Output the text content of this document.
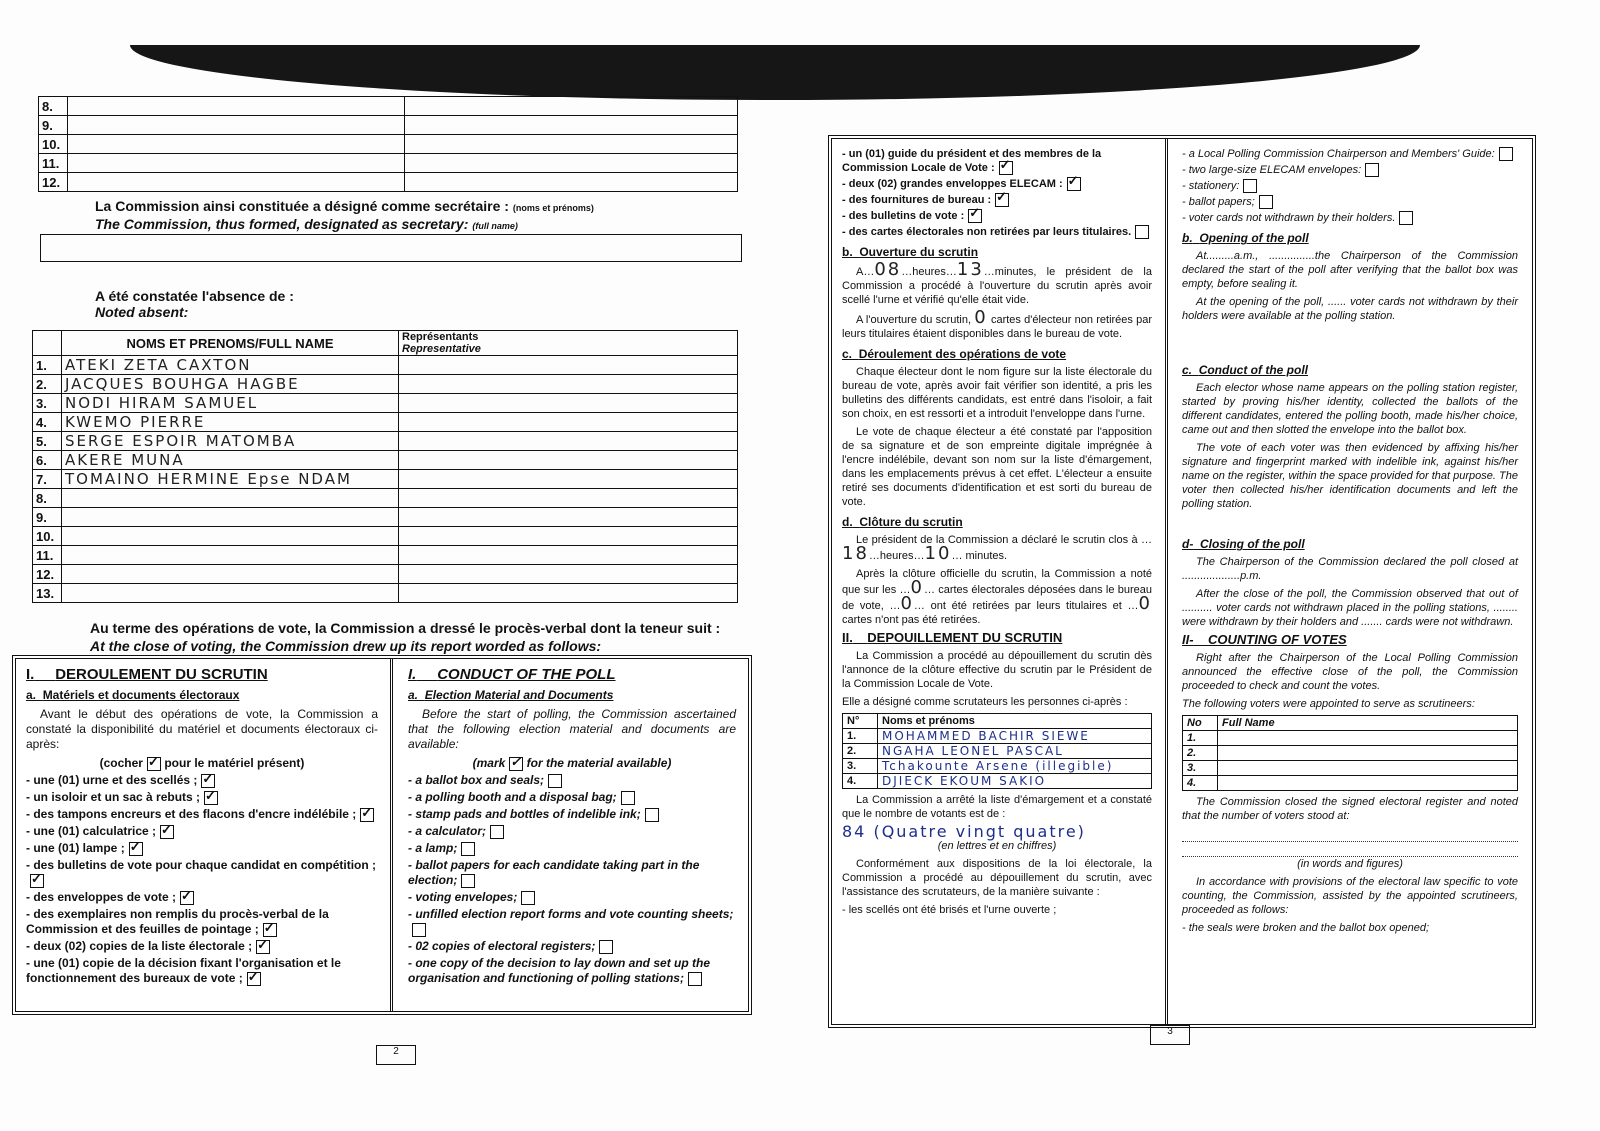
8.		
9.		
10.		
11.		
12.		
La Commission ainsi constituée a désigné comme secrétaire : (noms et prénoms)
The Commission, thus formed, designated as secretary: (full name)
A été constatée l'absence de :
Noted absent:
	NOMS ET PRENOMS/FULL NAME	Représentants
Representative

1.	ATEKI ZETA CAXTON	
2.	JACQUES BOUHGA HAGBE	
3.	NODI HIRAM SAMUEL	
4.	KWEMO PIERRE	
5.	SERGE ESPOIR MATOMBA	
6.	AKERE MUNA	
7.	TOMAINO HERMINE Epse NDAM	
8.		
9.		
10.		
11.		
12.		
13.		
Au terme des opérations de vote, la Commission a dressé le procès-verbal dont la teneur suit :
At the close of voting, the Commission drew up its report worded as follows:
I. DEROULEMENT DU SCRUTIN
a. Matériels et documents électoraux

Avant le début des opérations de vote, la Commission a constaté la disponibilité du matériel et documents électoraux ci-après:

(cocher ✓ pour le matériel présent)
- une (01) urne et des scellés ;✓
- un isoloir et un sac à rebuts ;✓
- des tampons encreurs et des flacons d'encre indélébile ;✓
- une (01) calculatrice ;✓
- une (01) lampe ;✓
- des bulletins de vote pour chaque candidat en compétition ;✓
- des enveloppes de vote ;✓
- des exemplaires non remplis du procès-verbal de la Commission et des feuilles de pointage ;✓
- deux (02) copies de la liste électorale ;✓
- une (01) copie de la décision fixant l'organisation et le fonctionnement des bureaux de vote ;✓
I. CONDUCT OF THE POLL
a. Election Material and Documents

Before the start of polling, the Commission ascertained that the following election material and documents are available:

(mark ✓ for the material available)
- a ballot box and seals;
- a polling booth and a disposal bag;
- stamp pads and bottles of indelible ink;
- a calculator;
- a lamp;
- ballot papers for each candidate taking part in the election;
- voting envelopes;
- unfilled election report forms and vote counting sheets;
- 02 copies of electoral registers;
- one copy of the decision to lay down and set up the organisation and functioning of polling stations;
2
- un (01) guide du président et des membres de la Commission Locale de Vote :✓
- deux (02) grandes enveloppes ELECAM :✓
- des fournitures de bureau :✓
- des bulletins de vote :✓
- des cartes électorales non retirées par leurs titulaires.
b. Ouverture du scrutin

A…08…heures…13…minutes, le président de la Commission a procédé à l'ouverture du scrutin après avoir scellé l'urne et vérifié qu'elle était vide.

A l'ouverture du scrutin, 0 cartes d'électeur non retirées par leurs titulaires étaient disponibles dans le bureau de vote.

c. Déroulement des opérations de vote

Chaque électeur dont le nom figure sur la liste électorale du bureau de vote, après avoir fait vérifier son identité, a pris les bulletins des différents candidats, est entré dans l'isoloir, a fait son choix, en est ressorti et a introduit l'enveloppe dans l'urne.

Le vote de chaque électeur a été constaté par l'apposition de sa signature et de son empreinte digitale imprégnée à l'encre indélébile, devant son nom sur la liste d'émargement, dans les emplacements prévus à cet effet. L'électeur a ensuite retiré ses documents d'identification et est sorti du bureau de vote.

d. Clôture du scrutin

Le président de la Commission a déclaré le scrutin clos à …18…heures…10… minutes.

Après la clôture officielle du scrutin, la Commission a noté que sur les …0… cartes électorales déposées dans le bureau de vote, …0… ont été retirées par leurs titulaires et …0 cartes n'ont pas été retirées.

II. DEPOUILLEMENT DU SCRUTIN

La Commission a procédé au dépouillement du scrutin dès l'annonce de la clôture effective du scrutin par le Président de la Commission Locale de Vote.

Elle a désigné comme scrutateurs les personnes ci-après :
N°	Noms et prénoms
1.	MOHAMMED BACHIR SIEWE
2.	NGAHA LEONEL PASCAL
3.	Tchakounte Arsene (illegible)
4.	DJIECK EKOUM SAKIO

La Commission a arrêté la liste d'émargement et a constaté que le nombre de votants est de :

84 (Quatre vingt quatre)
(en lettres et en chiffres)

Conformément aux dispositions de la loi électorale, la Commission a procédé au dépouillement du scrutin, avec l'assistance des scrutateurs, de la manière suivante :

- les scellés ont été brisés et l'urne ouverte ;
- a Local Polling Commission Chairperson and Members' Guide:
- two large-size ELECAM envelopes:
- stationery:
- ballot papers;
- voter cards not withdrawn by their holders.
b. Opening of the poll

At.........a.m., ...............the Chairperson of the Commission declared the start of the poll after verifying that the ballot box was empty, before sealing it.

At the opening of the poll, ...... voter cards not withdrawn by their holders were available at the polling station.

c. Conduct of the poll

Each elector whose name appears on the polling station register, started by proving his/her identity, collected the ballots of the different candidates, entered the polling booth, made his/her choice, came out and then slotted the envelope into the ballot box.

The vote of each voter was then evidenced by affixing his/her signature and fingerprint marked with indelible ink, against his/her name on the register, within the space provided for that purpose. The voter then collected his/her identification documents and left the polling station.

d- Closing of the poll

The Chairperson of the Commission declared the poll closed at ...................p.m.

After the close of the poll, the Commission observed that out of .......... voter cards not withdrawn placed in the polling stations, ........ were withdrawn by their holders and ....... cards were not withdrawn.

II- COUNTING OF VOTES

Right after the Chairperson of the Local Polling Commission announced the effective close of the poll, the Commission proceeded to check and count the votes.

The following voters were appointed to serve as scrutineers:
No	Full Name
1.	
2.	
3.	
4.	

The Commission closed the signed electoral register and noted that the number of voters stood at:

(in words and figures)

In accordance with provisions of the electoral law specific to vote counting, the Commission, assisted by the appointed scrutineers, proceeded as follows:

- the seals were broken and the ballot box opened;
3
